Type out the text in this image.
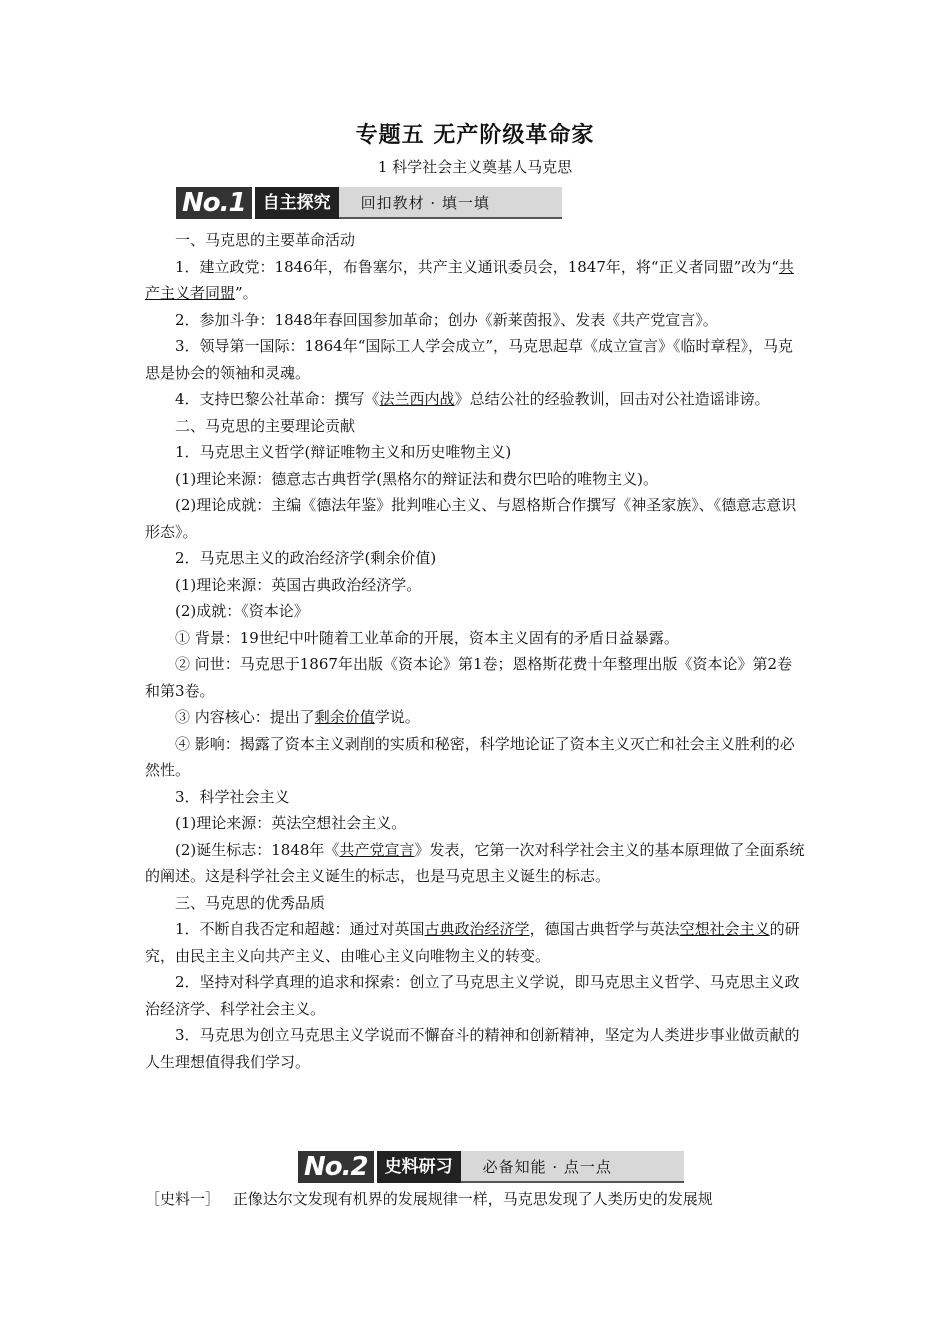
专题五 无产阶级革命家
1 科学社会主义奠基人马克思
No.1	自主探究	回扣教材 · 填一填

一、马克思的主要革命活动

1．建立政党：1846年，布鲁塞尔，共产主义通讯委员会，1847年，将“正义者同盟”改为“共产主义者同盟”。

2．参加斗争：1848年春回国参加革命；创办《新莱茵报》、发表《共产党宣言》。

3．领导第一国际：1864年“国际工人学会成立”，马克思起草《成立宣言》《临时章程》，马克思是协会的领袖和灵魂。

4．支持巴黎公社革命：撰写《法兰西内战》总结公社的经验教训，回击对公社造谣诽谤。

二、马克思的主要理论贡献

1．马克思主义哲学(辩证唯物主义和历史唯物主义)

(1)理论来源：德意志古典哲学(黑格尔的辩证法和费尔巴哈的唯物主义)。

(2)理论成就：主编《德法年鉴》批判唯心主义、与恩格斯合作撰写《神圣家族》、《德意志意识形态》。

2．马克思主义的政治经济学(剩余价值)

(1)理论来源：英国古典政治经济学。

(2)成就：《资本论》

① 背景：19世纪中叶随着工业革命的开展，资本主义固有的矛盾日益暴露。

② 问世：马克思于1867年出版《资本论》第1卷；恩格斯花费十年整理出版《资本论》第2卷和第3卷。

③ 内容核心：提出了剩余价值学说。

④ 影响：揭露了资本主义剥削的实质和秘密，科学地论证了资本主义灭亡和社会主义胜利的必然性。

3．科学社会主义

(1)理论来源：英法空想社会主义。

(2)诞生标志：1848年《共产党宣言》发表，它第一次对科学社会主义的基本原理做了全面系统的阐述。这是科学社会主义诞生的标志，也是马克思主义诞生的标志。

三、马克思的优秀品质

1．不断自我否定和超越：通过对英国古典政治经济学，德国古典哲学与英法空想社会主义的研究，由民主主义向共产主义、由唯心主义向唯物主义的转变。

2．坚持对科学真理的追求和探索：创立了马克思主义学说，即马克思主义哲学、马克思主义政治经济学、科学社会主义。

3．马克思为创立马克思主义学说而不懈奋斗的精神和创新精神，坚定为人类进步事业做贡献的人生理想值得我们学习。

No.2	史料研习	必备知能 · 点一点
［史料一］ 正像达尔文发现有机界的发展规律一样，马克思发现了人类历史的发展规
